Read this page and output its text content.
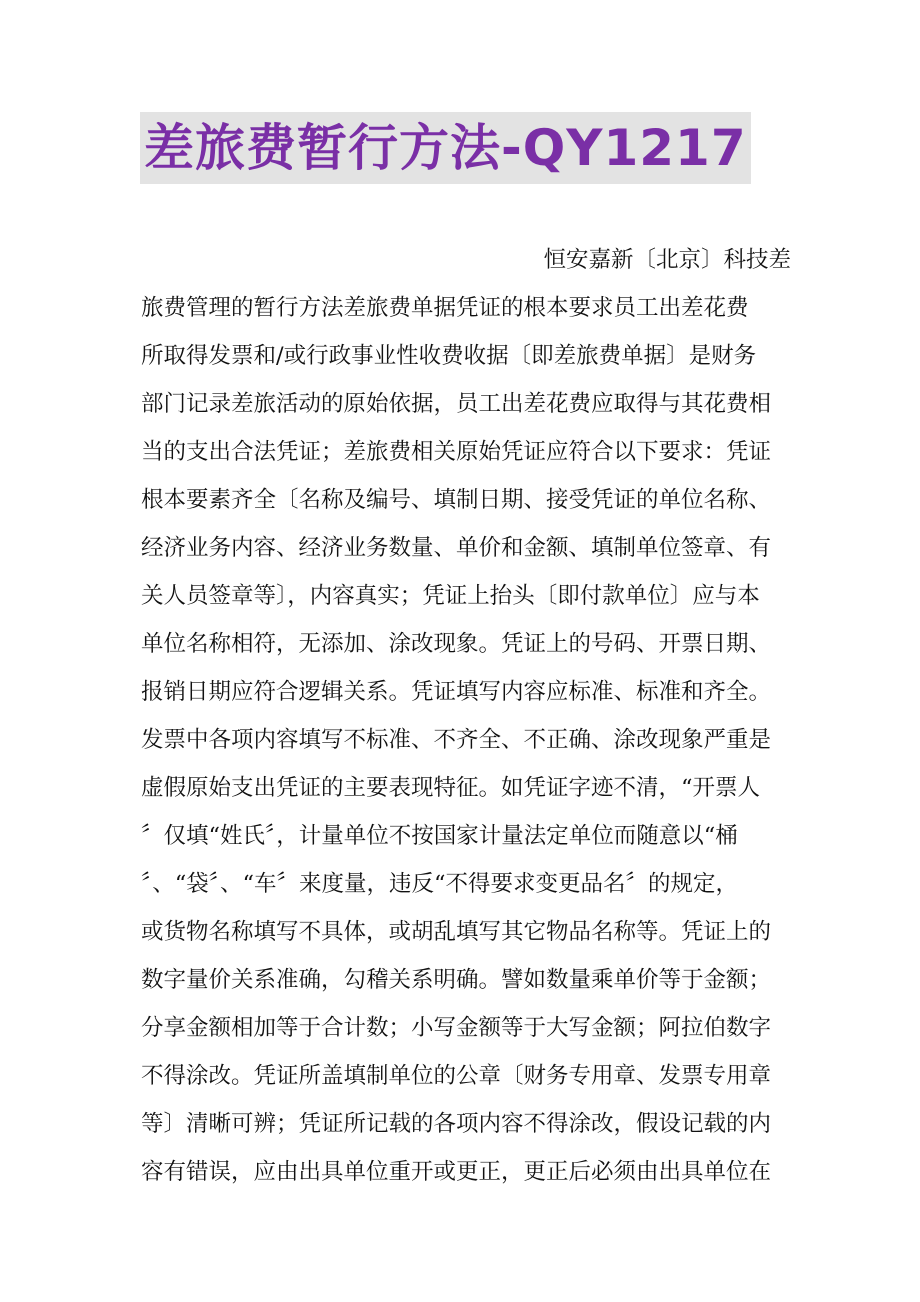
差旅费暂行方法-QY1217
恒安嘉新〔北京〕科技差
旅费管理的暂行方法差旅费单据凭证的根本要求员工出差花费
所取得发票和/或行政事业性收费收据〔即差旅费单据〕是财务
部门记录差旅活动的原始依据，员工出差花费应取得与其花费相
当的支出合法凭证；差旅费相关原始凭证应符合以下要求：凭证
根本要素齐全〔名称及编号、填制日期、接受凭证的单位名称、
经济业务内容、经济业务数量、单价和金额、填制单位签章、有
关人员签章等〕，内容真实；凭证上抬头〔即付款单位〕应与本
单位名称相符，无添加、涂改现象。凭证上的号码、开票日期、
报销日期应符合逻辑关系。凭证填写内容应标准、标准和齐全。
发票中各项内容填写不标准、不齐全、不正确、涂改现象严重是
虚假原始支出凭证的主要表现特征。如凭证字迹不清，“开票人
〞仅填“姓氏〞，计量单位不按国家计量法定单位而随意以“桶
〞、“袋〞、“车〞来度量，违反“不得要求变更品名〞的规定，
或货物名称填写不具体，或胡乱填写其它物品名称等。凭证上的
数字量价关系准确，勾稽关系明确。譬如数量乘单价等于金额；
分享金额相加等于合计数；小写金额等于大写金额；阿拉伯数字
不得涂改。凭证所盖填制单位的公章〔财务专用章、发票专用章
等〕清晰可辨；凭证所记载的各项内容不得涂改，假设记载的内
容有错误，应由出具单位重开或更正，更正后必须由出具单位在
